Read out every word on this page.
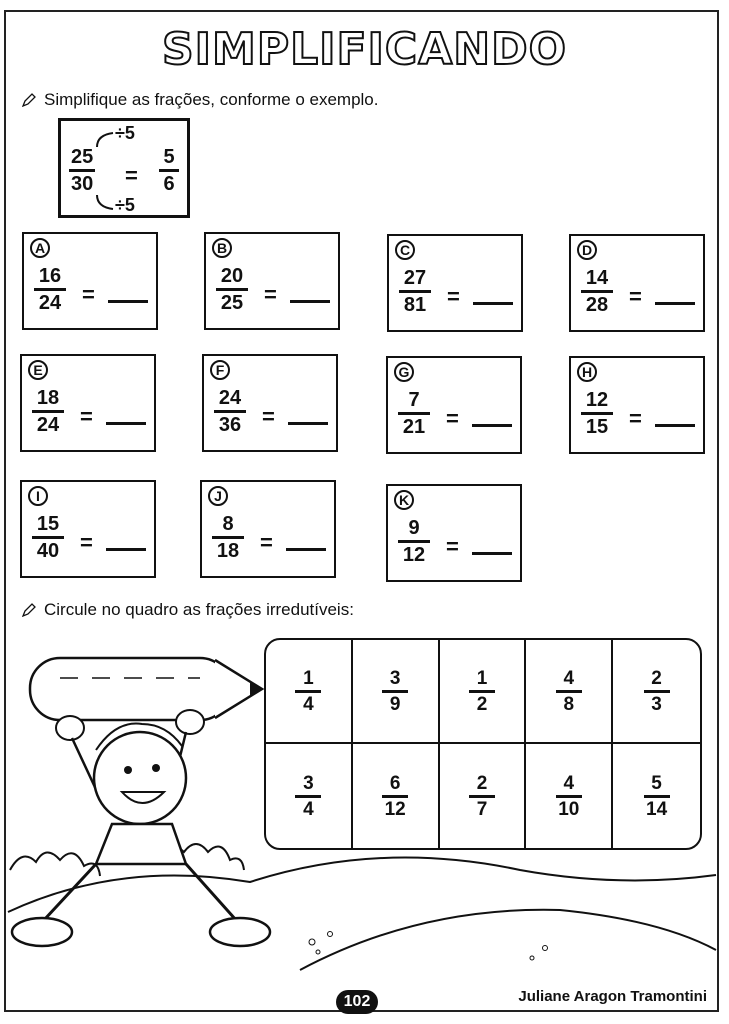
SIMPLIFICANDO
Simplifique as frações, conforme o exemplo.
25
30
÷5
÷5
=
5
6
A
16
24 =
B
20
25 =
C
27
81 =
D
14
28 =
E
18
24 =
F
24
36 =
G
7
21 =
H
12
15 =
I
15
40 =
J
8
18 =
K
9
12 =
Circule no quadro as frações irredutíveis:
$\frac{1}{4}$	$\frac{3}{9}$	$\frac{1}{2}$	$\frac{4}{8}$	$\frac{2}{3}$
$\frac{3}{4}$	$\frac{6}{12}$	$\frac{2}{7}$	$\frac{4}{10}$	$\frac{5}{14}$
102	Juliane Aragon Tramontini
